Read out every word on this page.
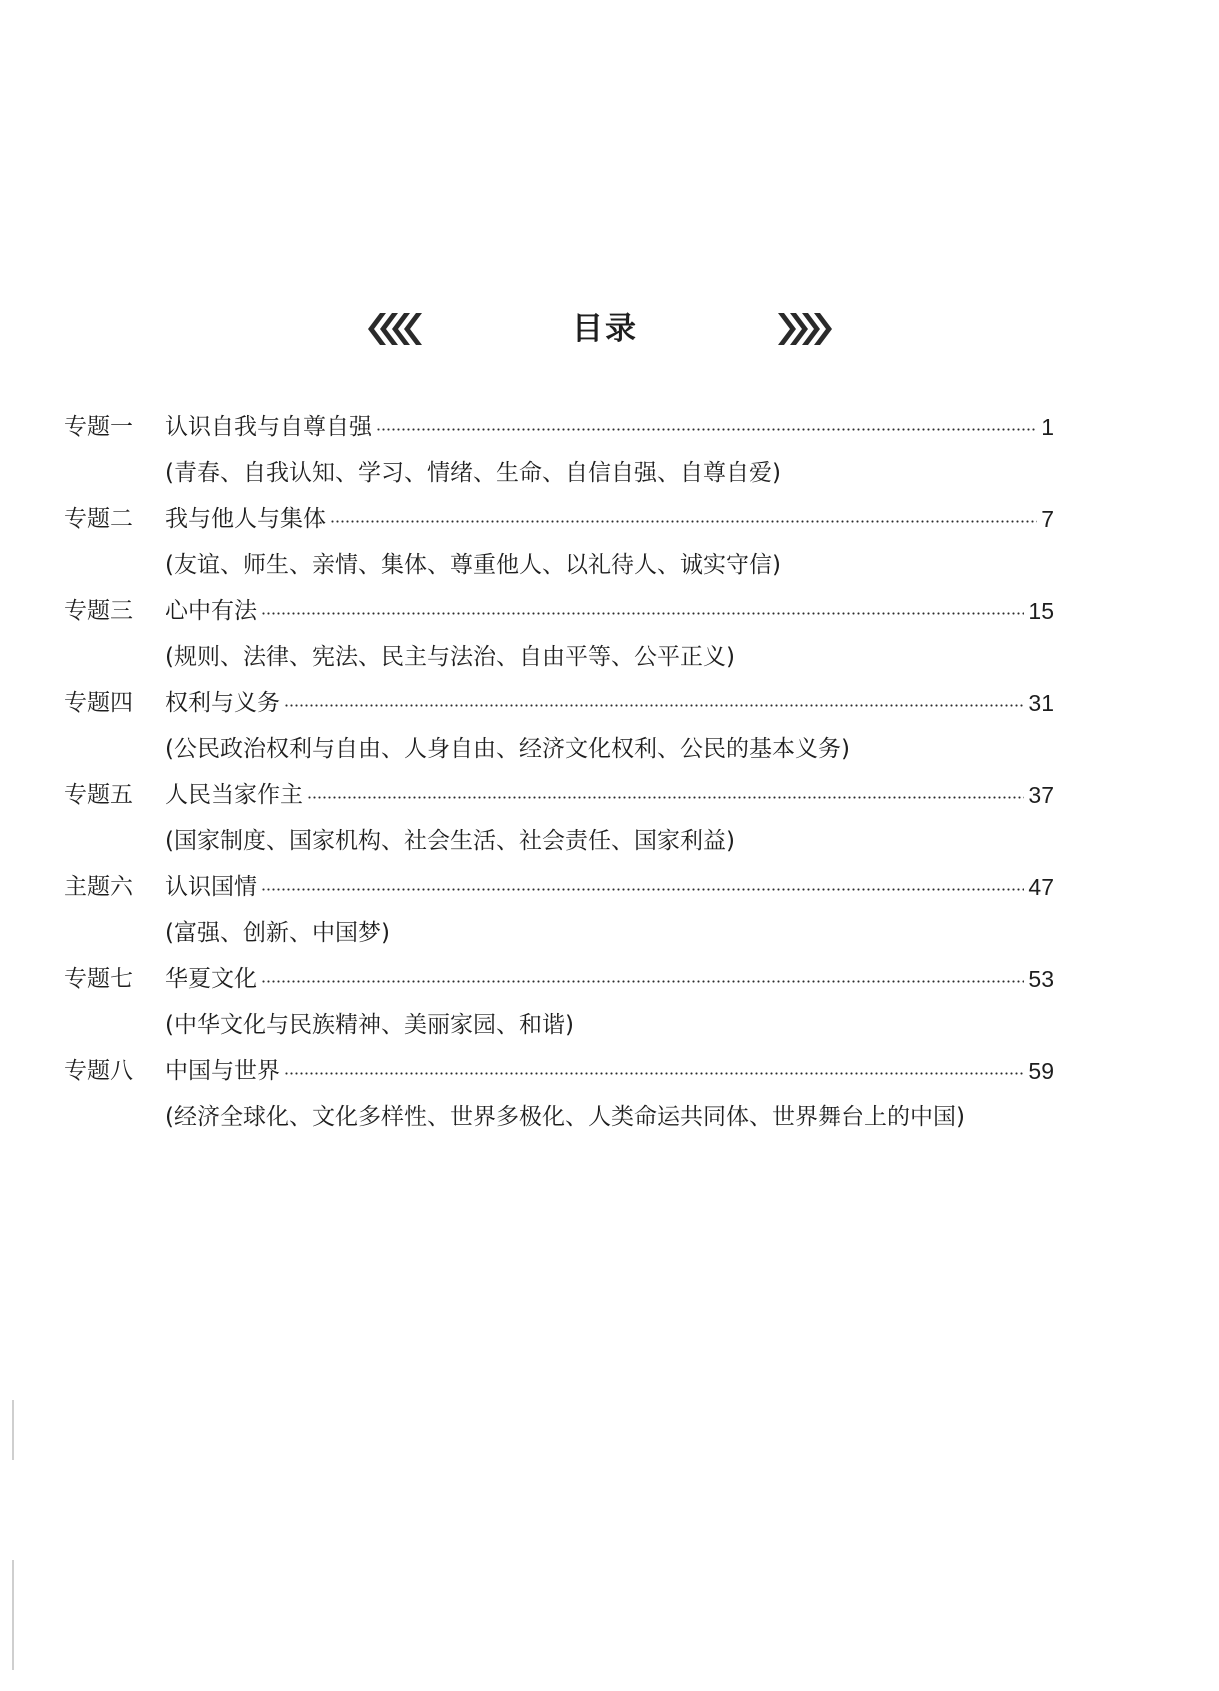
目录
专题一	认识自我与自尊自强	1
(青春、自我认知、学习、情绪、生命、自信自强、自尊自爱)
专题二	我与他人与集体	7
(友谊、师生、亲情、集体、尊重他人、以礼待人、诚实守信)
专题三	心中有法	15
(规则、法律、宪法、民主与法治、自由平等、公平正义)
专题四	权利与义务	31
(公民政治权利与自由、人身自由、经济文化权利、公民的基本义务)
专题五	人民当家作主	37
(国家制度、国家机构、社会生活、社会责任、国家利益)
主题六	认识国情	47
(富强、创新、中国梦)
专题七	华夏文化	53
(中华文化与民族精神、美丽家园、和谐)
专题八	中国与世界	59
(经济全球化、文化多样性、世界多极化、人类命运共同体、世界舞台上的中国)
